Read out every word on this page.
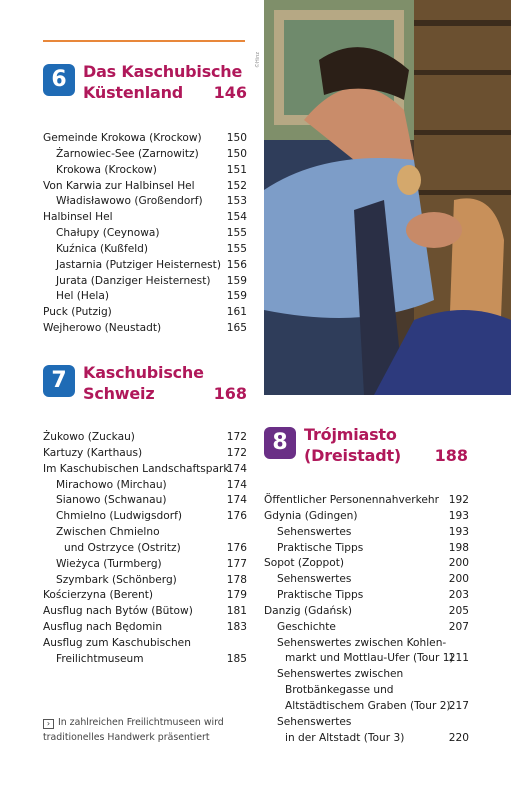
6	Das Kaschubische
Küstenland	146
Gemeinde Krokowa (Krockow) 150
Żarnowiec-See (Zarnowitz)	150
Krokowa (Krockow)	151
Von Karwia zur Halbinsel Hel	152
Władisławowo (Großendorf) 153
Halbinsel Hel	154
Chałupy (Ceynowa)	155
Kuźnica (Kußfeld)	155
Jastarnia (Putziger Heisternest) 156
Jurata (Danziger Heisternest) 159
Hel (Hela)	159
Puck (Putzig)	161
Wejherowo (Neustadt)	165
7	Kaschubische
Schweiz	168
Żukowo (Zuckau)	172
Kartuzy (Karthaus)	172
Im Kaschubischen Landschaftspark
174
Mirachowo (Mirchau)	174
Sianowo (Schwanau)	174
Chmielno (Ludwigsdorf)	176
Zwischen Chmielno
und Ostrzyce (Ostritz)	176
Wieżyca (Turmberg)	177
Szymbark (Schönberg)	178
Kościerzyna (Berent)	179
Ausflug nach Bytów (Bütow)	181
Ausflug nach Będomin	183
Ausflug zum Kaschubischen
Freilichtmuseum	185
©Hinz
8	Trójmiasto
(Dreistadt) 188
Öffentlicher Personennahverkehr 192
Gdynia (Gdingen)	193
Sehenswertes	193
Praktische Tipps	198
Sopot (Zoppot)	200
Sehenswertes	200
Praktische Tipps	203
Danzig (Gdańsk)	205
Geschichte	207
Sehenswertes zwischen Kohlen-
markt und Mottlau-Ufer (Tour 1)
211
Sehenswertes zwischen
Brotbänkegasse und
Altstädtischem Graben (Tour 2)
217
Sehenswertes
in der Altstadt (Tour 3)	220
› In zahlreichen Freilichtmuseen wird
traditionelles Handwerk präsentiert
